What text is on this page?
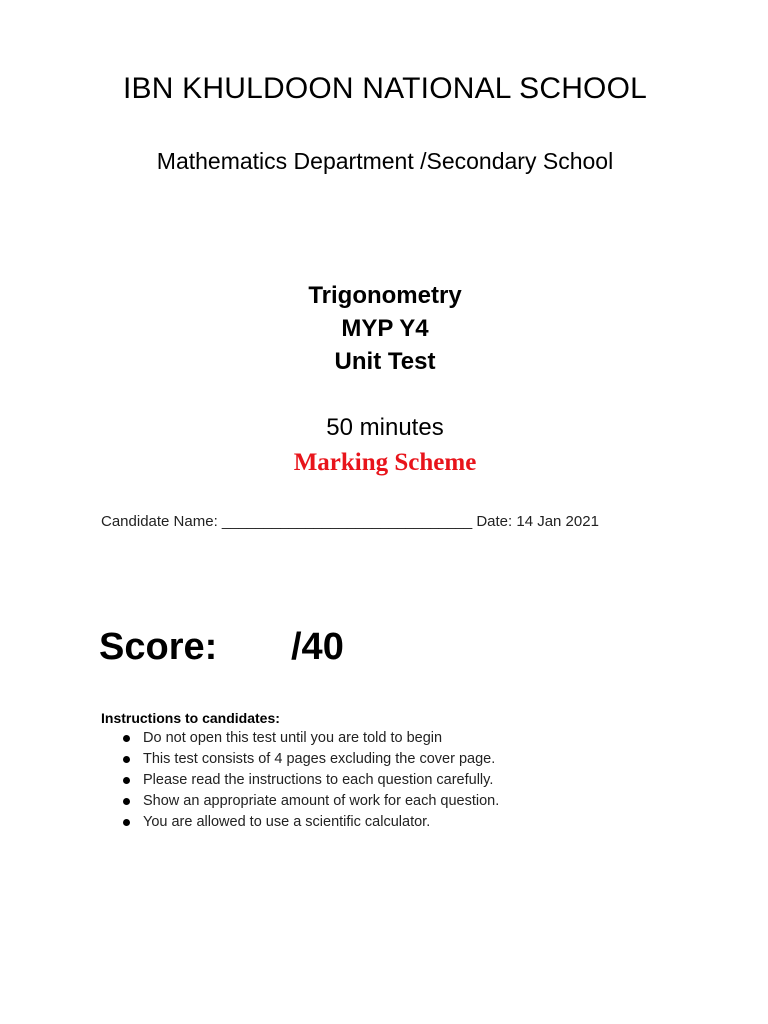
IBN KHULDOON NATIONAL SCHOOL
Mathematics Department /Secondary School
Trigonometry
MYP Y4
Unit Test
50 minutes
Marking Scheme
Candidate Name: ______________________________ Date: 14 Jan 2021
Score: /40
Instructions to candidates:
Do not open this test until you are told to begin
This test consists of 4 pages excluding the cover page.
Please read the instructions to each question carefully.
Show an appropriate amount of work for each question.
You are allowed to use a scientific calculator.
